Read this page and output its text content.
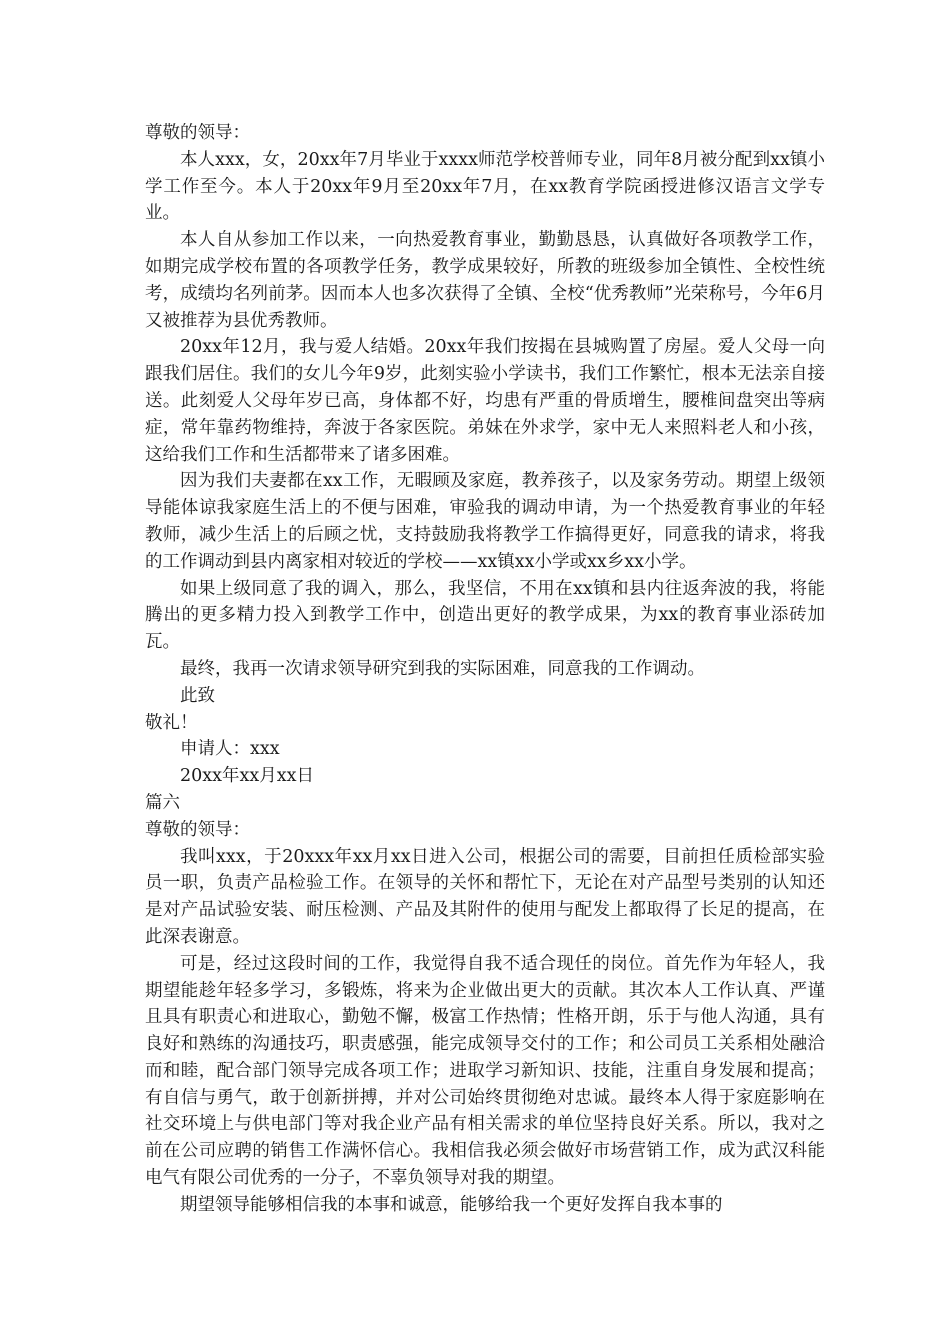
尊敬的领导：

本人xxx，女，20xx年7月毕业于xxxx师范学校普师专业，同年8月被分配到xx镇小学工作至今。本人于20xx年9月至20xx年7月，在xx教育学院函授进修汉语言文学专业。

本人自从参加工作以来，一向热爱教育事业，勤勤恳恳，认真做好各项教学工作，如期完成学校布置的各项教学任务，教学成果较好，所教的班级参加全镇性、全校性统考，成绩均名列前茅。因而本人也多次获得了全镇、全校“优秀教师”光荣称号，今年6月又被推荐为县优秀教师。

20xx年12月，我与爱人结婚。20xx年我们按揭在县城购置了房屋。爱人父母一向跟我们居住。我们的女儿今年9岁，此刻实验小学读书，我们工作繁忙，根本无法亲自接送。此刻爱人父母年岁已高，身体都不好，均患有严重的骨质增生，腰椎间盘突出等病症，常年靠药物维持，奔波于各家医院。弟妹在外求学，家中无人来照料老人和小孩，这给我们工作和生活都带来了诸多困难。

因为我们夫妻都在xx工作，无暇顾及家庭，教养孩子，以及家务劳动。期望上级领导能体谅我家庭生活上的不便与困难，审验我的调动申请，为一个热爱教育事业的年轻教师，减少生活上的后顾之忧，支持鼓励我将教学工作搞得更好，同意我的请求，将我的工作调动到县内离家相对较近的学校——xx镇xx小学或xx乡xx小学。

如果上级同意了我的调入，那么，我坚信，不用在xx镇和县内往返奔波的我，将能腾出的更多精力投入到教学工作中，创造出更好的教学成果，为xx的教育事业添砖加瓦。

最终，我再一次请求领导研究到我的实际困难，同意我的工作调动。

此致

敬礼！

申请人：xxx

20xx年xx月xx日

篇六

尊敬的领导：

我叫xxx，于20xxx年xx月xx日进入公司，根据公司的需要，目前担任质检部实验员一职，负责产品检验工作。在领导的关怀和帮忙下，无论在对产品型号类别的认知还是对产品试验安装、耐压检测、产品及其附件的使用与配发上都取得了长足的提高，在此深表谢意。

可是，经过这段时间的工作，我觉得自我不适合现任的岗位。首先作为年轻人，我期望能趁年轻多学习，多锻炼，将来为企业做出更大的贡献。其次本人工作认真、严谨且具有职责心和进取心，勤勉不懈，极富工作热情；性格开朗，乐于与他人沟通，具有良好和熟练的沟通技巧，职责感强，能完成领导交付的工作；和公司员工关系相处融洽而和睦，配合部门领导完成各项工作；进取学习新知识、技能，注重自身发展和提高；有自信与勇气，敢于创新拼搏，并对公司始终贯彻绝对忠诚。最终本人得于家庭影响在社交环境上与供电部门等对我企业产品有相关需求的单位坚持良好关系。所以，我对之前在公司应聘的销售工作满怀信心。我相信我必须会做好市场营销工作，成为武汉科能电气有限公司优秀的一分子，不辜负领导对我的期望。

期望领导能够相信我的本事和诚意，能够给我一个更好发挥自我本事的
